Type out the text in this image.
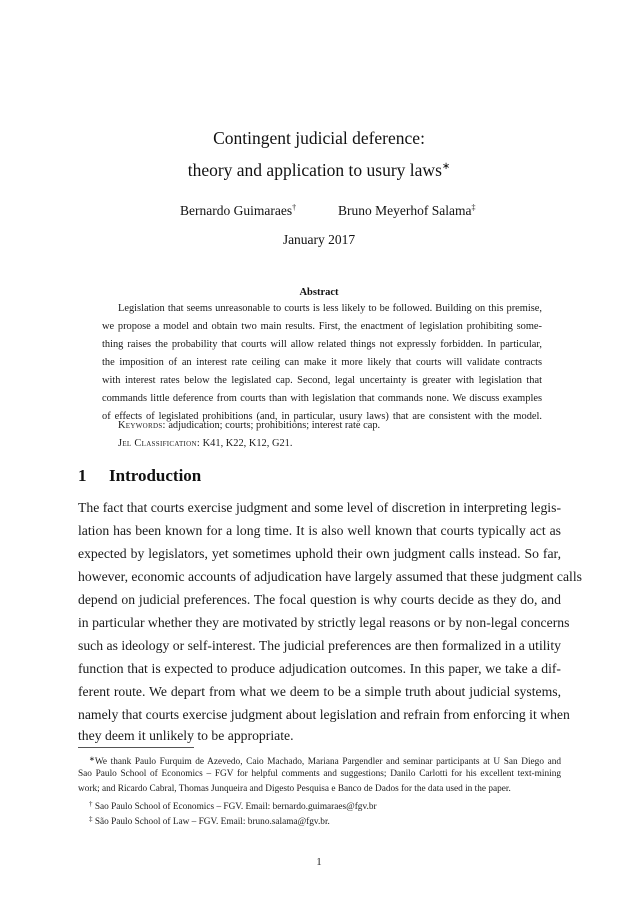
Contingent judicial deference:
theory and application to usury laws∗
Bernardo Guimaraes†	Bruno Meyerhof Salama‡
January 2017
Abstract
Legislation that seems unreasonable to courts is less likely to be followed. Building on this premise,
we propose a model and obtain two main results. First, the enactment of legislation prohibiting some-
thing raises the probability that courts will allow related things not expressly forbidden. In particular,
the imposition of an interest rate ceiling can make it more likely that courts will validate contracts
with interest rates below the legislated cap. Second, legal uncertainty is greater with legislation that
commands little deference from courts than with legislation that commands none. We discuss examples
of effects of legislated prohibitions (and, in particular, usury laws) that are consistent with the model.
Keywords: adjudication; courts; prohibitions; interest rate cap.
Jel Classification: K41, K22, K12, G21.
1 Introduction
The fact that courts exercise judgment and some level of discretion in interpreting legis-
lation has been known for a long time. It is also well known that courts typically act as
expected by legislators, yet sometimes uphold their own judgment calls instead. So far,
however, economic accounts of adjudication have largely assumed that these judgment calls
depend on judicial preferences. The focal question is why courts decide as they do, and
in particular whether they are motivated by strictly legal reasons or by non-legal concerns
such as ideology or self-interest. The judicial preferences are then formalized in a utility
function that is expected to produce adjudication outcomes. In this paper, we take a dif-
ferent route. We depart from what we deem to be a simple truth about judicial systems,
namely that courts exercise judgment about legislation and refrain from enforcing it when
they deem it unlikely to be appropriate.
∗We thank Paulo Furquim de Azevedo, Caio Machado, Mariana Pargendler and seminar participants at U San Diego and
Sao Paulo School of Economics – FGV for helpful comments and suggestions; Danilo Carlotti for his excellent text-mining
work; and Ricardo Cabral, Thomas Junqueira and Digesto Pesquisa e Banco de Dados for the data used in the paper.
† Sao Paulo School of Economics – FGV. Email: bernardo.guimaraes@fgv.br
‡ São Paulo School of Law – FGV. Email: bruno.salama@fgv.br.
1
